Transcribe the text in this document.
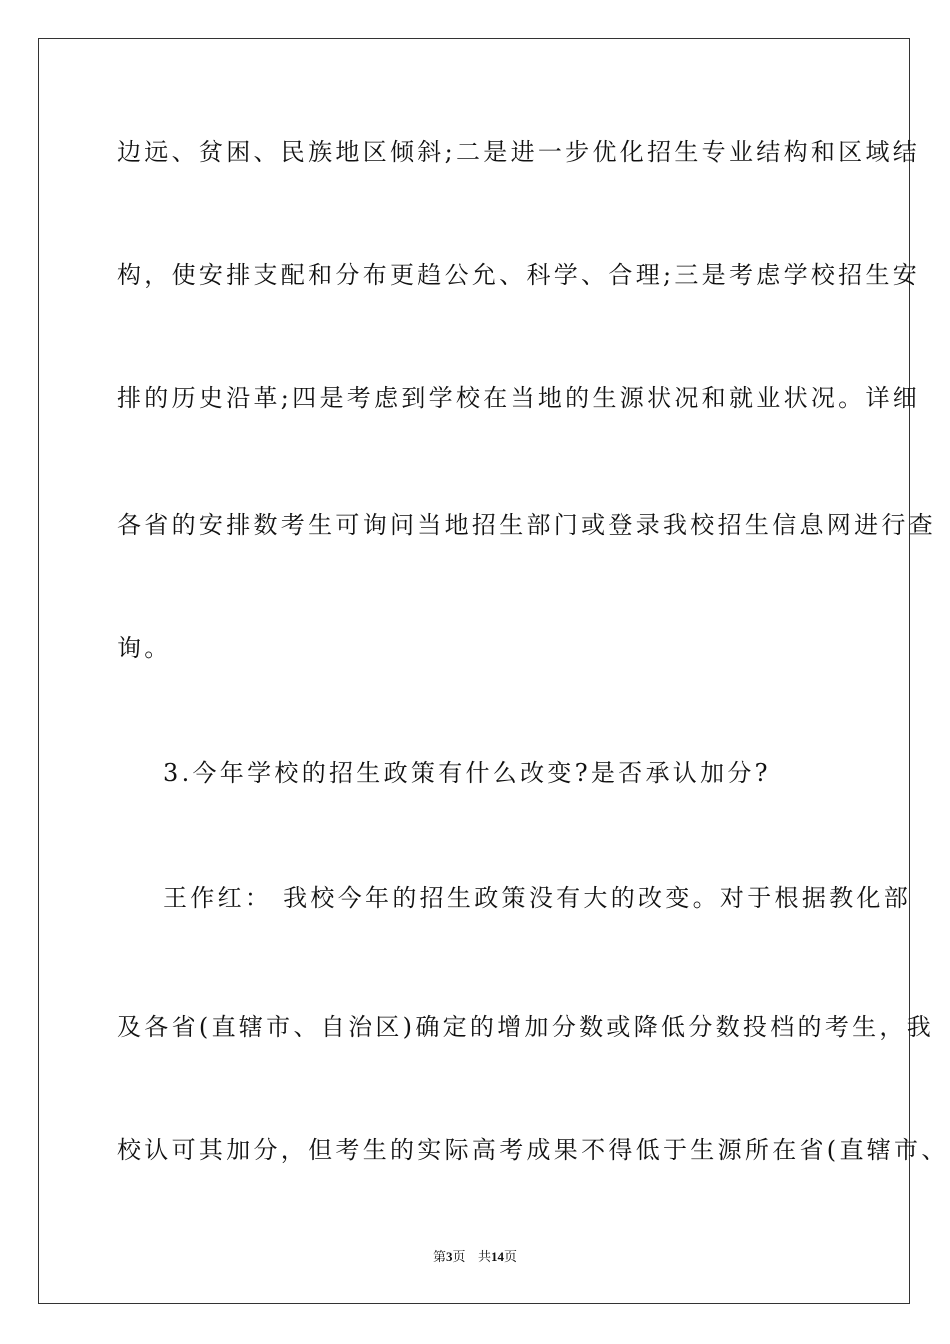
边远、贫困、民族地区倾斜;二是进一步优化招生专业结构和区域结
构，使安排支配和分布更趋公允、科学、合理;三是考虑学校招生安
排的历史沿革;四是考虑到学校在当地的生源状况和就业状况。详细
各省的安排数考生可询问当地招生部门或登录我校招生信息网进行查
询。
3.今年学校的招生政策有什么改变?是否承认加分?
王作红： 我校今年的招生政策没有大的改变。对于根据教化部
及各省(直辖市、自治区)确定的增加分数或降低分数投档的考生，我
校认可其加分，但考生的实际高考成果不得低于生源所在省(直辖市、
第3页 共14页
